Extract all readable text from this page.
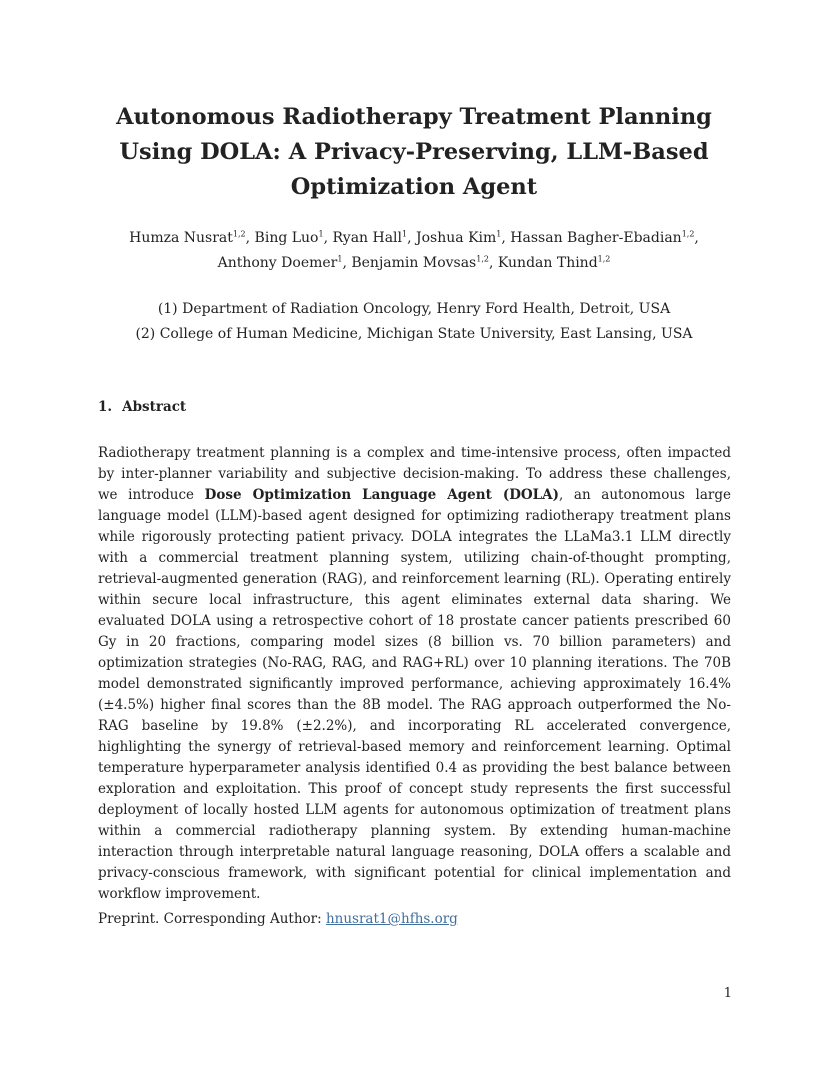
Autonomous Radiotherapy Treatment Planning
Using DOLA: A Privacy-Preserving, LLM-Based
Optimization Agent
Humza Nusrat$^{1,2}$, Bing Luo$^1$, Ryan Hall$^1$, Joshua Kim$^1$, Hassan Bagher-Ebadian$^{1,2}$,
Anthony Doemer$^1$, Benjamin Movsas$^{1,2}$, Kundan Thind$^{1,2}$
(1) Department of Radiation Oncology, Henry Ford Health, Detroit, USA
(2) College of Human Medicine, Michigan State University, East Lansing, USA
1. Abstract

Radiotherapy treatment planning is a complex and time-intensive process, often impacted by inter-planner variability and subjective decision-making. To address these challenges, we introduce Dose Optimization Language Agent (DOLA), an autonomous large language model (LLM)-based agent designed for optimizing radiotherapy treatment plans while rigorously protecting patient privacy. DOLA integrates the LLaMa3.1 LLM directly with a commercial treatment planning system, utilizing chain-of-thought prompting, retrieval-augmented generation (RAG), and reinforcement learning (RL). Operating entirely within secure local infrastructure, this agent eliminates external data sharing. We evaluated DOLA using a retrospective cohort of 18 prostate cancer patients prescribed 60 Gy in 20 fractions, comparing model sizes (8 billion vs. 70 billion parameters) and optimization strategies (No-RAG, RAG, and RAG+RL) over 10 planning iterations. The 70B model demonstrated significantly improved performance, achieving approximately 16.4% (±4.5%) higher final scores than the 8B model. The RAG approach outperformed the No-RAG baseline by 19.8% (±2.2%), and incorporating RL accelerated convergence, highlighting the synergy of retrieval-based memory and reinforcement learning. Optimal temperature hyperparameter analysis identified 0.4 as providing the best balance between exploration and exploitation. This proof of concept study represents the first successful deployment of locally hosted LLM agents for autonomous optimization of treatment plans within a commercial radiotherapy planning system. By extending human-machine interaction through interpretable natural language reasoning, DOLA offers a scalable and privacy-conscious framework, with significant potential for clinical implementation and workflow improvement.

Preprint. Corresponding Author: hnusrat1@hfhs.org
1
